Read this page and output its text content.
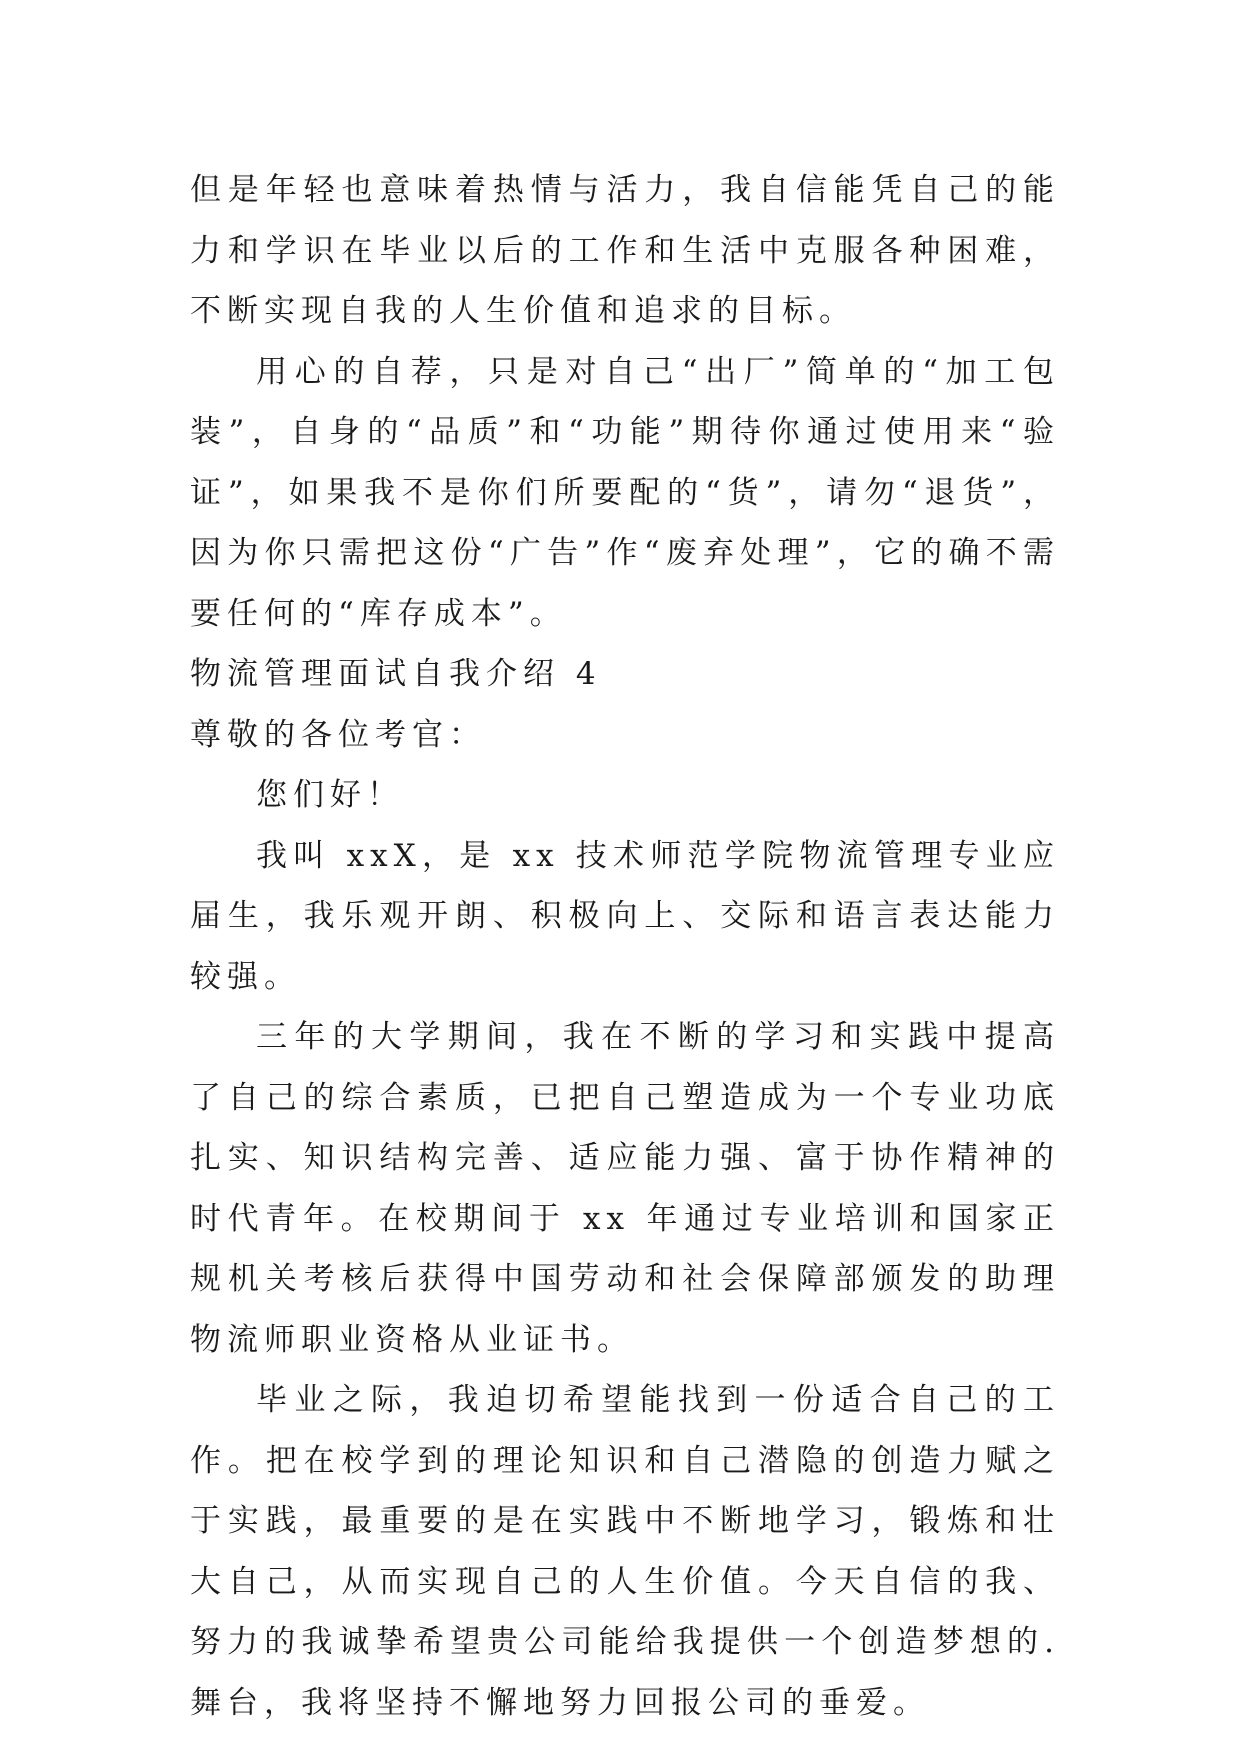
但是年轻也意味着热情与活力，我自信能凭自己的能力和学识在毕业以后的工作和生活中克服各种困难，不断实现自我的人生价值和追求的目标。

用心的自荐，只是对自己“出厂”简单的“加工包装”，自身的“品质”和“功能”期待你通过使用来“验证”，如果我不是你们所要配的“货”，请勿“退货”，因为你只需把这份“广告”作“废弃处理”，它的确不需要任何的“库存成本”。

物流管理面试自我介绍 4

尊敬的各位考官：

您们好！

我叫 xxX，是 xx 技术师范学院物流管理专业应届生，我乐观开朗、积极向上、交际和语言表达能力较强。

三年的大学期间，我在不断的学习和实践中提高了自己的综合素质，已把自己塑造成为一个专业功底扎实、知识结构完善、适应能力强、富于协作精神的时代青年。在校期间于 xx 年通过专业培训和国家正规机关考核后获得中国劳动和社会保障部颁发的助理物流师职业资格从业证书。

毕业之际，我迫切希望能找到一份适合自己的工作。把在校学到的理论知识和自己潜隐的创造力赋之于实践，最重要的是在实践中不断地学习，锻炼和壮大自己，从而实现自己的人生价值。今天自信的我、努力的我诚挚希望贵公司能给我提供一个创造梦想的.舞台，我将坚持不懈地努力回报公司的垂爱。
